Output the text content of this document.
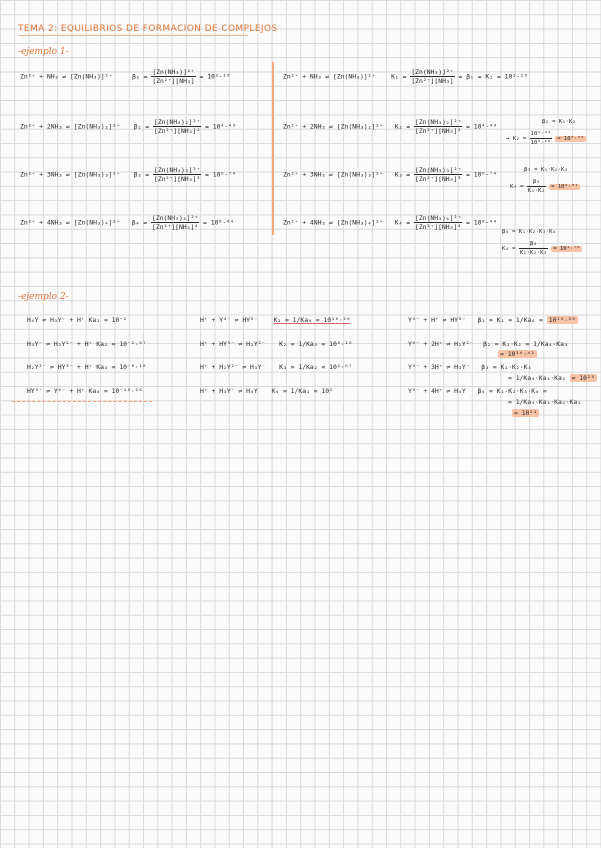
TEMA 2: EQUILIBRIOS DE FORMACION DE COMPLEJOS
-ejemplo 1-
Zn²⁺ + NH₃ ⇌ [Zn(NH₃)]²⁺	$\beta_1 = \frac{\text{[Zn(NH₃)]²⁺}}{\text{[Zn²⁺][NH₃]}} = 10^2\cdot^{19}$
Zn²⁺ + 2NH₃ ⇌ [Zn(NH₃)₂]²⁺ $\beta_2 = \frac{\text{[Zn(NH₃)₂]²⁺}}{\text{[Zn²⁺][NH₃]²}} = 10^4\cdot^{43}$
Zn²⁺ + 3NH₃ ⇌ [Zn(NH₃)₃]²⁺ $\beta_3 = \frac{\text{[Zn(NH₃)₃]²⁺}}{\text{[Zn²⁺][NH₃]³}} = 10^6\cdot^{74}$
Zn²⁺ + 4NH₃ ⇌ [Zn(NH₃)₄]²⁺ $\beta_4 = \frac{\text{[Zn(NH₃)₄]²⁺}}{\text{[Zn²⁺][NH₃]⁴}} = 10^8\cdot^{44}$
Zn²⁺ + NH₃ ⇌ [Zn(NH₃)]²⁺ $K_1 = \frac{\text{[Zn(NH₃)]²⁺}}{\text{[Zn²⁺][NH₃]}} = \beta_1 = K_1 = 10^2\cdot^{19}$
Zn²⁺ + 2NH₃ ⇌ [Zn(NH₃)₂]²⁺ $K_2 = \frac{\text{[Zn(NH₃)₂]²⁺}}{\text{[Zn²⁺][NH₃]²}} = 10^4\cdot^{43}$
β₂ = K₁·K₂
→ $K_2 = \frac{\text{10⁴·⁴³}}{\text{10²·¹⁹}} = 10^2\cdot^{24}$
Zn²⁺ + 3NH₃ ⇌ [Zn(NH₃)₃]²⁺ $K_3 = \frac{\text{[Zn(NH₃)₃]²⁺}}{\text{[Zn²⁺][NH₃]³}} = 10^6\cdot^{74}$
β₃ = K₁·K₂·K₃
$K_3 = \frac{\text{β₃}}{\text{K₁·K₂}} = 10^2\cdot^{31}$
Zn²⁺ + 4NH₃ ⇌ [Zn(NH₃)₄]²⁺ $K_4 = \frac{\text{[Zn(NH₃)₄]²⁺}}{\text{[Zn²⁺][NH₃]⁴}} = 10^8\cdot^{44}$
β₄ = K₁·K₂·K₃·K₄
$K_4 = \frac{\text{β₄}}{\text{K₁·K₂·K₃}} = 10^1\cdot^{70}$
-ejemplo 2-
H₄Y ⇌ H₃Y⁻ + H⁺ Ka₁ = 10⁻²
H₃Y⁻ ⇌ H₂Y²⁻ + H⁺ Ka₂ = 10⁻²·⁶⁷
H₂Y²⁻ ⇌ HY³⁻ + H⁺ Ka₃ = 10⁻⁶·¹⁶
HY³⁻ ⇌ Y⁴⁻ + H⁺ Ka₄ = 10⁻¹⁰·²⁶
H⁺ + Y⁴⁻ ⇌ HY³⁻ K₁ = 1/Ka₄ = 10¹⁰·²⁶
H⁺ + HY³⁻ ⇌ H₂Y²⁻ K₂ = 1/Ka₃ = 10⁶·¹⁶
H⁺ + H₂Y²⁻ ⇌ H₃Y⁻ K₃ = 1/Ka₂ = 10²·⁶⁷
H⁺ + H₃Y⁻ ⇌ H₄Y K₄ = 1/Ka₁ = 10²
Y⁴⁻ + H⁺ ⇌ HY³⁻ β₁ = K₁ = 1/Ka₄ = 10¹⁰·²⁶
Y⁴⁻ + 2H⁺ ⇌ H₂Y²⁻ β₂ = K₁·K₂ = 1/Ka₄·Ka₃
= 10¹⁶·⁴²
Y⁴⁻ + 3H⁺ ⇌ H₃Y⁻ β₃ = K₁·K₂·K₃
= 1/Ka₄·Ka₃·Ka₂ = 10¹⁹
Y⁴⁻ + 4H⁺ ⇌ H₄Y β₄ = K₁·K₂·K₃·K₄ =
= 1/Ka₄·Ka₃·Ka₂·Ka₁
= 10²¹
